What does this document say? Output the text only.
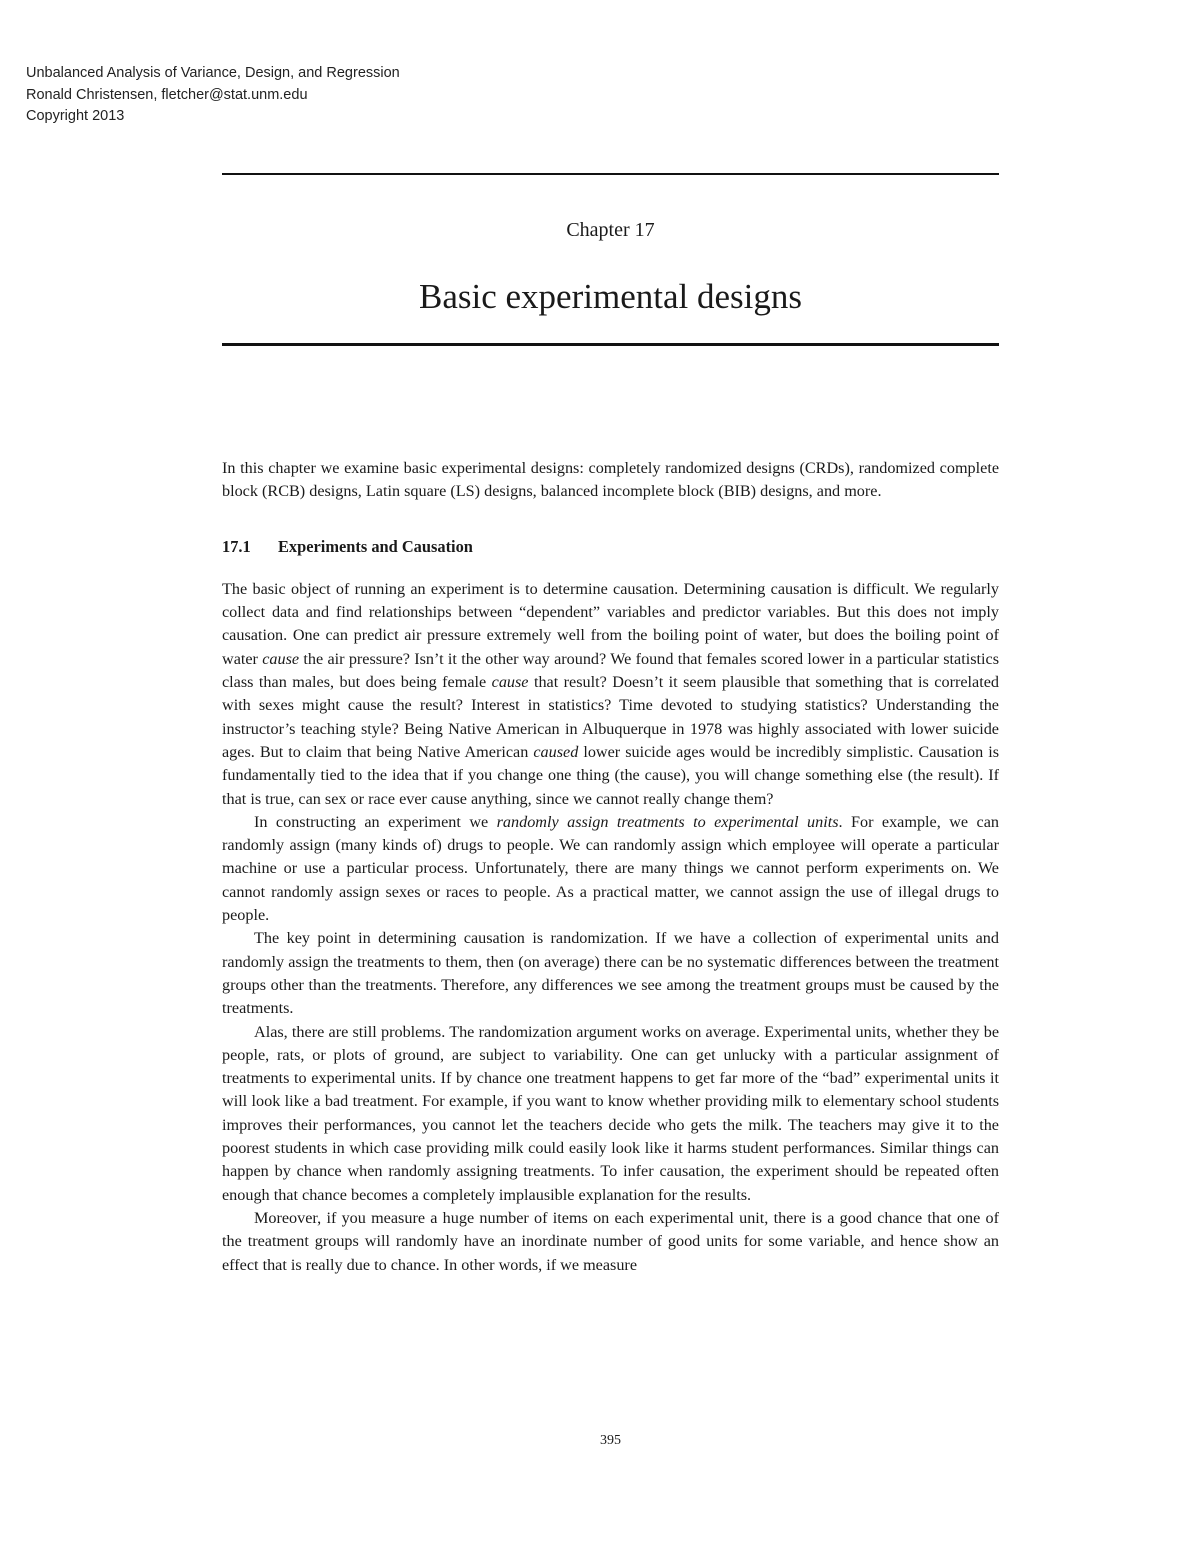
Unbalanced Analysis of Variance, Design, and Regression
Ronald Christensen, fletcher@stat.unm.edu
Copyright 2013
Chapter 17
Basic experimental designs

In this chapter we examine basic experimental designs: completely randomized designs (CRDs), randomized complete block (RCB) designs, Latin square (LS) designs, balanced incomplete block (BIB) designs, and more.

17.1 Experiments and Causation

The basic object of running an experiment is to determine causation. Determining causation is difficult. We regularly collect data and find relationships between “dependent” variables and predictor variables. But this does not imply causation. One can predict air pressure extremely well from the boiling point of water, but does the boiling point of water cause the air pressure? Isn’t it the other way around? We found that females scored lower in a particular statistics class than males, but does being female cause that result? Doesn’t it seem plausible that something that is correlated with sexes might cause the result? Interest in statistics? Time devoted to studying statistics? Understanding the instructor’s teaching style? Being Native American in Albuquerque in 1978 was highly associated with lower suicide ages. But to claim that being Native American caused lower suicide ages would be incredibly simplistic. Causation is fundamentally tied to the idea that if you change one thing (the cause), you will change something else (the result). If that is true, can sex or race ever cause anything, since we cannot really change them?

In constructing an experiment we randomly assign treatments to experimental units. For example, we can randomly assign (many kinds of) drugs to people. We can randomly assign which employee will operate a particular machine or use a particular process. Unfortunately, there are many things we cannot perform experiments on. We cannot randomly assign sexes or races to people. As a practical matter, we cannot assign the use of illegal drugs to people.

The key point in determining causation is randomization. If we have a collection of experimental units and randomly assign the treatments to them, then (on average) there can be no systematic differences between the treatment groups other than the treatments. Therefore, any differences we see among the treatment groups must be caused by the treatments.

Alas, there are still problems. The randomization argument works on average. Experimental units, whether they be people, rats, or plots of ground, are subject to variability. One can get unlucky with a particular assignment of treatments to experimental units. If by chance one treatment happens to get far more of the “bad” experimental units it will look like a bad treatment. For example, if you want to know whether providing milk to elementary school students improves their performances, you cannot let the teachers decide who gets the milk. The teachers may give it to the poorest students in which case providing milk could easily look like it harms student performances. Similar things can happen by chance when randomly assigning treatments. To infer causation, the experiment should be repeated often enough that chance becomes a completely implausible explanation for the results.

Moreover, if you measure a huge number of items on each experimental unit, there is a good chance that one of the treatment groups will randomly have an inordinate number of good units for some variable, and hence show an effect that is really due to chance. In other words, if we measure

395
